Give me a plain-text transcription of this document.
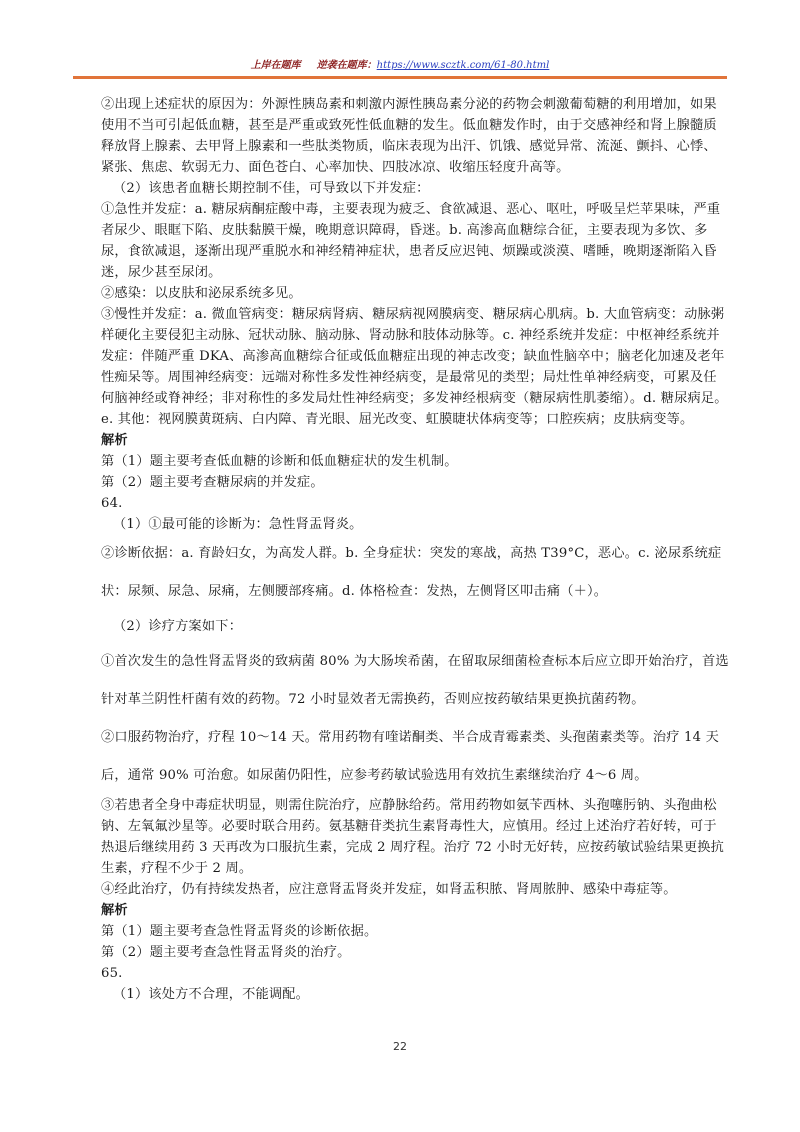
上岸在题库 逆袭在题库：https://www.scztk.com/61-80.html

②出现上述症状的原因为：外源性胰岛素和刺激内源性胰岛素分泌的药物会刺激葡萄糖的利用增加，如果使用不当可引起低血糖，甚至是严重或致死性低血糖的发生。低血糖发作时，由于交感神经和肾上腺髓质释放肾上腺素、去甲肾上腺素和一些肽类物质，临床表现为出汗、饥饿、感觉异常、流涎、颤抖、心悸、紧张、焦虑、软弱无力、面色苍白、心率加快、四肢冰凉、收缩压轻度升高等。

（2）该患者血糖长期控制不佳，可导致以下并发症：

①急性并发症：a. 糖尿病酮症酸中毒，主要表现为疲乏、食欲减退、恶心、呕吐，呼吸呈烂苹果味，严重者尿少、眼眶下陷、皮肤黏膜干燥，晚期意识障碍，昏迷。b. 高渗高血糖综合征，主要表现为多饮、多尿，食欲减退，逐渐出现严重脱水和神经精神症状，患者反应迟钝、烦躁或淡漠、嗜睡，晚期逐渐陷入昏迷，尿少甚至尿闭。

②感染：以皮肤和泌尿系统多见。

③慢性并发症：a. 微血管病变：糖尿病肾病、糖尿病视网膜病变、糖尿病心肌病。b. 大血管病变：动脉粥样硬化主要侵犯主动脉、冠状动脉、脑动脉、肾动脉和肢体动脉等。c. 神经系统并发症：中枢神经系统并发症：伴随严重 DKA、高渗高血糖综合征或低血糖症出现的神志改变；缺血性脑卒中；脑老化加速及老年性痴呆等。周围神经病变：远端对称性多发性神经病变，是最常见的类型；局灶性单神经病变，可累及任何脑神经或脊神经；非对称性的多发局灶性神经病变；多发神经根病变（糖尿病性肌萎缩）。d. 糖尿病足。e. 其他：视网膜黄斑病、白内障、青光眼、屈光改变、虹膜睫状体病变等；口腔疾病；皮肤病变等。

解析

第（1）题主要考查低血糖的诊断和低血糖症状的发生机制。

第（2）题主要考查糖尿病的并发症。

64.

（1）①最可能的诊断为：急性肾盂肾炎。

②诊断依据：a. 育龄妇女，为高发人群。b. 全身症状：突发的寒战，高热 T39°C，恶心。c. 泌尿系统症状：尿频、尿急、尿痛，左侧腰部疼痛。d. 体格检查：发热，左侧肾区叩击痛（＋）。

（2）诊疗方案如下：

①首次发生的急性肾盂肾炎的致病菌 80% 为大肠埃希菌，在留取尿细菌检查标本后应立即开始治疗，首选针对革兰阴性杆菌有效的药物。72 小时显效者无需换药，否则应按药敏结果更换抗菌药物。

②口服药物治疗，疗程 10～14 天。常用药物有喹诺酮类、半合成青霉素类、头孢菌素类等。治疗 14 天后，通常 90% 可治愈。如尿菌仍阳性，应参考药敏试验选用有效抗生素继续治疗 4～6 周。

③若患者全身中毒症状明显，则需住院治疗，应静脉给药。常用药物如氨苄西林、头孢噻肟钠、头孢曲松钠、左氧氟沙星等。必要时联合用药。氨基糖苷类抗生素肾毒性大，应慎用。经过上述治疗若好转，可于热退后继续用药 3 天再改为口服抗生素，完成 2 周疗程。治疗 72 小时无好转，应按药敏试验结果更换抗生素，疗程不少于 2 周。

④经此治疗，仍有持续发热者，应注意肾盂肾炎并发症，如肾盂积脓、肾周脓肿、感染中毒症等。

解析

第（1）题主要考查急性肾盂肾炎的诊断依据。

第（2）题主要考查急性肾盂肾炎的治疗。

65.

（1）该处方不合理，不能调配。

22
